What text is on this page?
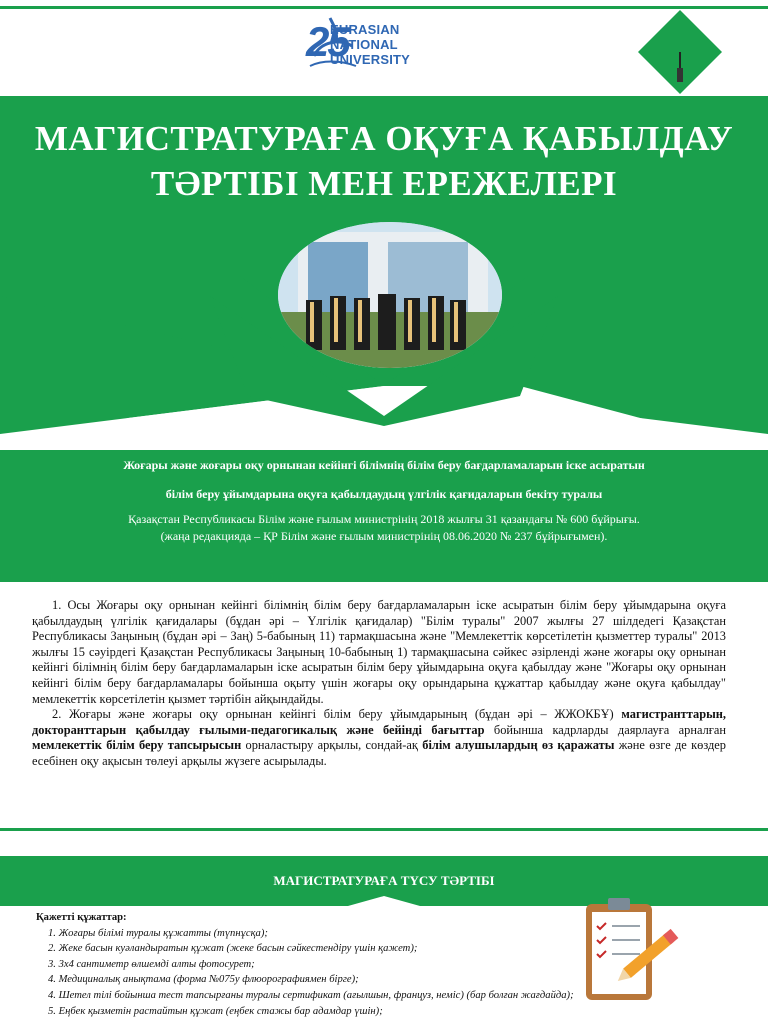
25
EURASIAN
NATIONAL
UNIVERSITY
МАГИСТРАТУРАҒА ОҚУҒА ҚАБЫЛДАУ
ТӘРТІБІ МЕН ЕРЕЖЕЛЕРІ
Жоғары және жоғары оқу орнынан кейінгі білімнің білім беру бағдарламаларын іске асыратын
білім беру ұйымдарына оқуға қабылдаудың үлгілік қағидаларын бекіту туралы
Қазақстан Республикасы Білім және ғылым министрінің 2018 жылғы 31 қазандағы № 600 бұйрығы.
(жаңа редакцияда – ҚР Білім және ғылым министрінің 08.06.2020 № 237 бұйрығымен).

1. Осы Жоғары оқу орнынан кейінгі білімнің білім беру бағдарламаларын іске асыратын білім беру ұйымдарына оқуға қабылдаудың үлгілік қағидалары (бұдан әрі – Үлгілік қағидалар) "Білім туралы" 2007 жылғы 27 шілдедегі Қазақстан Республикасы Заңының (бұдан әрі – Заң) 5-бабының 11) тармақшасына және "Мемлекеттік көрсетілетін қызметтер туралы" 2013 жылғы 15 сәуірдегі Қазақстан Республикасы Заңының 10-бабының 1) тармақшасына сәйкес әзірленді және жоғары оқу орнынан кейінгі білімнің білім беру бағдарламаларын іске асыратын білім беру ұйымдарына оқуға қабылдау және "Жоғары оқу орнынан кейінгі білім беру бағдарламалары бойынша оқыту үшін жоғары оқу орындарына құжаттар қабылдау және оқуға қабылдау" мемлекеттік көрсетілетін қызмет тәртібін айқындайды.

2. Жоғары және жоғары оқу орнынан кейінгі білім беру ұйымдарының (бұдан әрі – ЖЖОКБҰ) магистранттарын, докторанттарын қабылдау ғылыми-педагогикалық және бейінді бағыттар бойынша кадрларды даярлауға арналған мемлекеттік білім беру тапсырысын орналастыру арқылы, сондай-ақ білім алушылардың өз қаражаты және өзге де көздер есебінен оқу ақысын төлеуі арқылы жүзеге асырылады.

МАГИСТРАТУРАҒА ТҮСУ ТӘРТІБІ
Қажетті құжаттар:
1. Жоғары білімі туралы құжатты (түпнұсқа);
2. Жеке басын куәландыратын құжат (жеке басын сәйкестендіру үшін қажет);
3. 3x4 сантиметр өлшемді алты фотосурет;
4. Медициналық анықтама (форма №075у флюорографиямен бірге);
4. Шетел тілі бойынша тест тапсырғаны туралы сертификат (ағылшын, француз, неміс) (бар болған жағдайда);
5. Еңбек қызметін растайтын құжат (еңбек стажы бар адамдар үшін);
